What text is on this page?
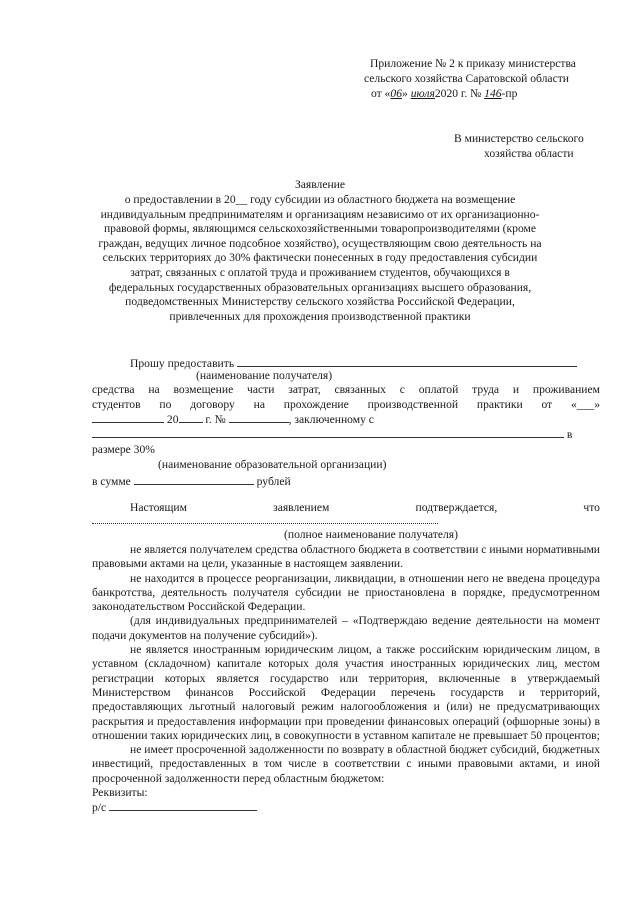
Приложение № 2 к приказу министерства
сельского хозяйства Саратовской области
от «06» июля2020 г. № 146-пр
В министерство сельского
хозяйства области
Заявление
о предоставлении в 20__ году субсидии из областного бюджета на возмещение
индивидуальным предпринимателям и организациям независимо от их организационно-
правовой формы, являющимся сельскохозяйственными товаропроизводителями (кроме
граждан, ведущих личное подсобное хозяйство), осуществляющим свою деятельность на
сельских территориях до 30% фактически понесенных в году предоставления субсидии
затрат, связанных с оплатой труда и проживанием студентов, обучающихся в
федеральных государственных образовательных организациях высшего образования,
подведомственных Министерству сельского хозяйства Российской Федерации,
привлеченных для прохождения производственной практики
Прошу предоставить
(наименование получателя)
средства на возмещение части затрат, связанных с оплатой труда и проживанием
студентов по договору на прохождение производственной практики от «___»
20 г. №	, заключенному с
в
размере 30%
(наименование образовательной организации)
в сумме	рублей
Настоящим	заявлением	подтверждается,	что
(полное наименование получателя)

не является получателем средства областного бюджета в соответствии с иными нормативными правовыми актами на цели, указанные в настоящем заявлении.

не находится в процессе реорганизации, ликвидации, в отношении него не введена процедура банкротства, деятельность получателя субсидии не приостановлена в порядке, предусмотренном законодательством Российской Федерации.

(для индивидуальных предпринимателей – «Подтверждаю ведение деятельности на момент подачи документов на получение субсидий»).

не является иностранным юридическим лицом, а также российским юридическим лицом, в уставном (складочном) капитале которых доля участия иностранных юридических лиц, местом регистрации которых является государство или территория, включенные в утверждаемый Министерством финансов Российской Федерации перечень государств и территорий, предоставляющих льготный налоговый режим налогообложения и (или) не предусматривающих раскрытия и предоставления информации при проведении финансовых операций (офшорные зоны) в отношении таких юридических лиц, в совокупности в уставном капитале не превышает 50 процентов;

не имеет просроченной задолженности по возврату в областной бюджет субсидий, бюджетных инвестиций, предоставленных в том числе в соответствии с иными правовыми актами, и иной просроченной задолженности перед областным бюджетом:

Реквизиты:
р/с
